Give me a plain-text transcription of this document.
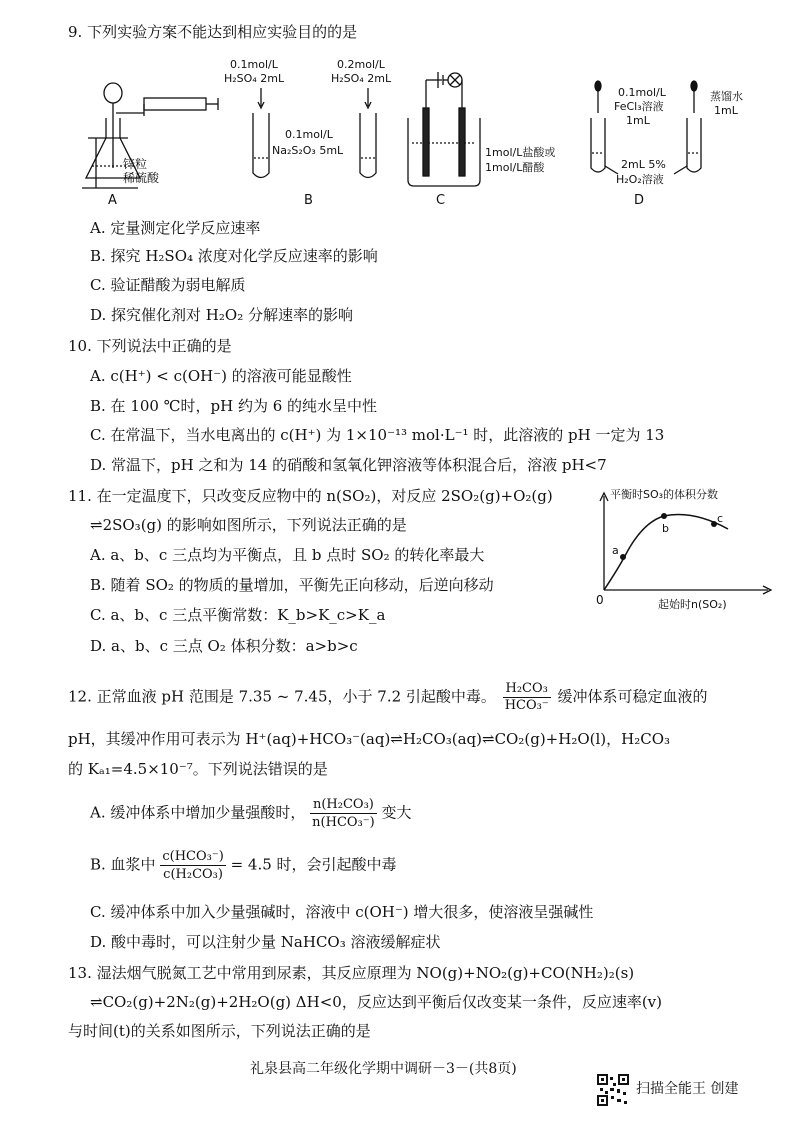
9. 下列实验方案不能达到相应实验目的的是
锌粒
稀硫酸
A
0.1mol/L
H₂SO₄ 2mL
0.2mol/L
H₂SO₄ 2mL
0.1mol/L
Na₂S₂O₃ 5mL
B
1mol/L盐酸或
1mol/L醋酸
C
0.1mol/L
FeCl₃溶液
1mL
蒸馏水
1mL
2mL 5%
H₂O₂溶液
D
A. 定量测定化学反应速率
B. 探究 H₂SO₄ 浓度对化学反应速率的影响
C. 验证醋酸为弱电解质
D. 探究催化剂对 H₂O₂ 分解速率的影响
10. 下列说法中正确的是
A. c(H⁺) < c(OH⁻) 的溶液可能显酸性
B. 在 100 ℃时，pH 约为 6 的纯水呈中性
C. 在常温下，当水电离出的 c(H⁺) 为 1×10⁻¹³ mol·L⁻¹ 时，此溶液的 pH 一定为 13
D. 常温下，pH 之和为 14 的硝酸和氢氧化钾溶液等体积混合后，溶液 pH<7
11. 在一定温度下，只改变反应物中的 n(SO₂)，对反应 2SO₂(g)+O₂(g)
⇌2SO₃(g) 的影响如图所示，下列说法正确的是
A. a、b、c 三点均为平衡点，且 b 点时 SO₂ 的转化率最大
B. 随着 SO₂ 的物质的量增加，平衡先正向移动，后逆向移动
C. a、b、c 三点平衡常数：K_b>K_c>K_a
D. a、b、c 三点 O₂ 体积分数：a>b>c
a
b
c
平衡时SO₃的体积分数
起始时n(SO₂)
0
12. 正常血液 pH 范围是 7.35 ~ 7.45，小于 7.2 引起酸中毒。 H₂CO₃
HCO₃⁻ 缓冲体系可稳定血液的
pH，其缓冲作用可表示为 H⁺(aq)+HCO₃⁻(aq)⇌H₂CO₃(aq)⇌CO₂(g)+H₂O(l)，H₂CO₃
的 Kₐ₁=4.5×10⁻⁷。下列说法错误的是
A. 缓冲体系中增加少量强酸时， n(H₂CO₃)
n(HCO₃⁻)
变大
B. 血浆中 c(HCO₃⁻)
c(H₂CO₃)
= 4.5 时，会引起酸中毒
C. 缓冲体系中加入少量强碱时，溶液中 c(OH⁻) 增大很多，使溶液呈强碱性
D. 酸中毒时，可以注射少量 NaHCO₃ 溶液缓解症状
13. 湿法烟气脱氮工艺中常用到尿素，其反应原理为 NO(g)+NO₂(g)+CO(NH₂)₂(s)
⇌CO₂(g)+2N₂(g)+2H₂O(g) ΔH<0，反应达到平衡后仅改变某一条件，反应速率(v)
与时间(t)的关系如图所示，下列说法正确的是
礼泉县高二年级化学期中调研－3－(共8页)
扫描全能王 创建
